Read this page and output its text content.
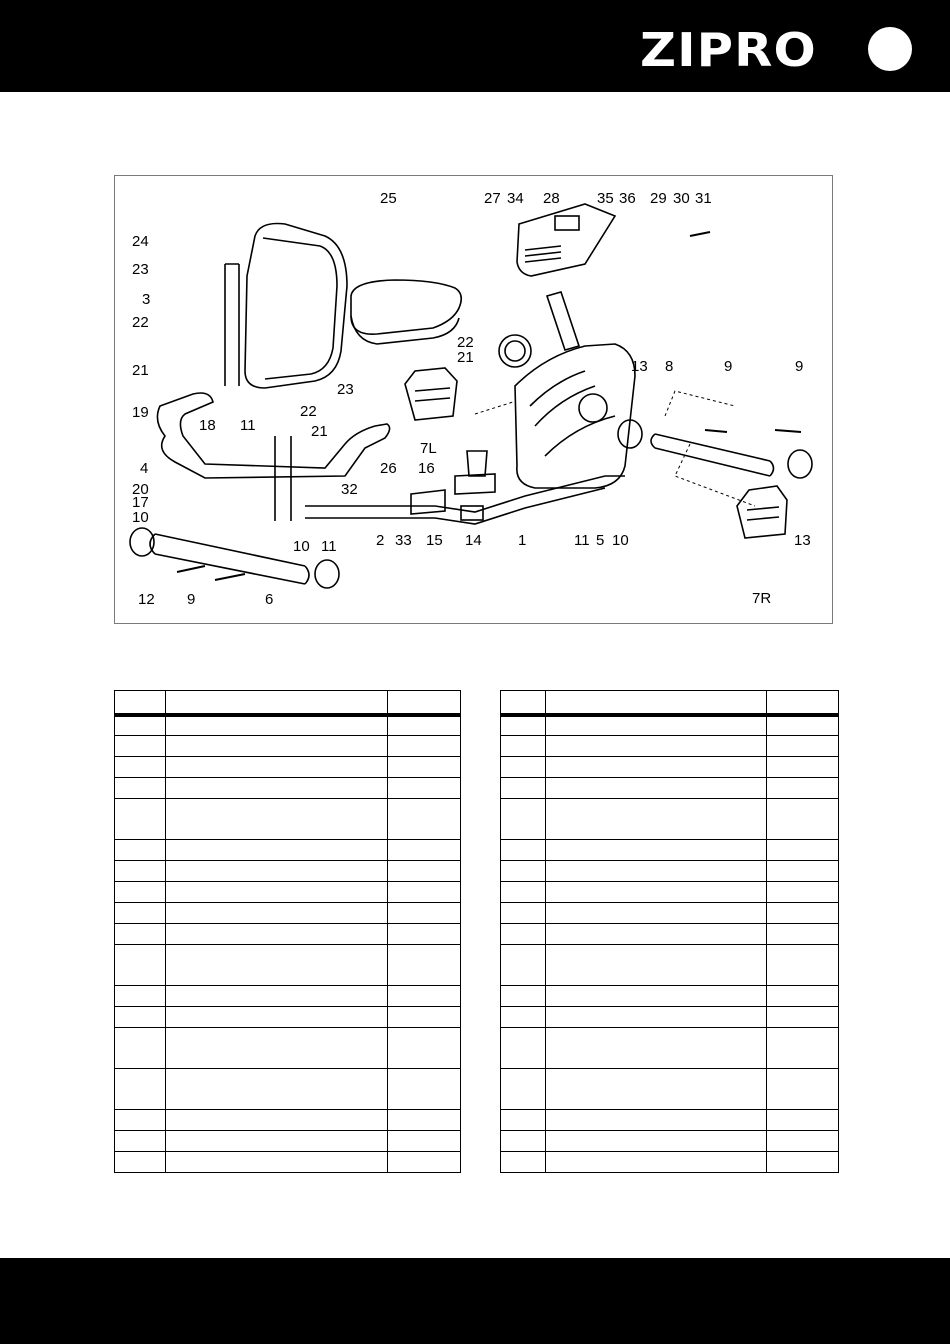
ZIPRO
25	27 34 28 35 36 29 30 31
24
23
3
22
21
19
18 11
4
20
17
10
12 9	6
22
21
23
22
21
26 16
32
2 33 15 14 1	11 5 10
13 8	9	9
13
7L
7R
10 11
